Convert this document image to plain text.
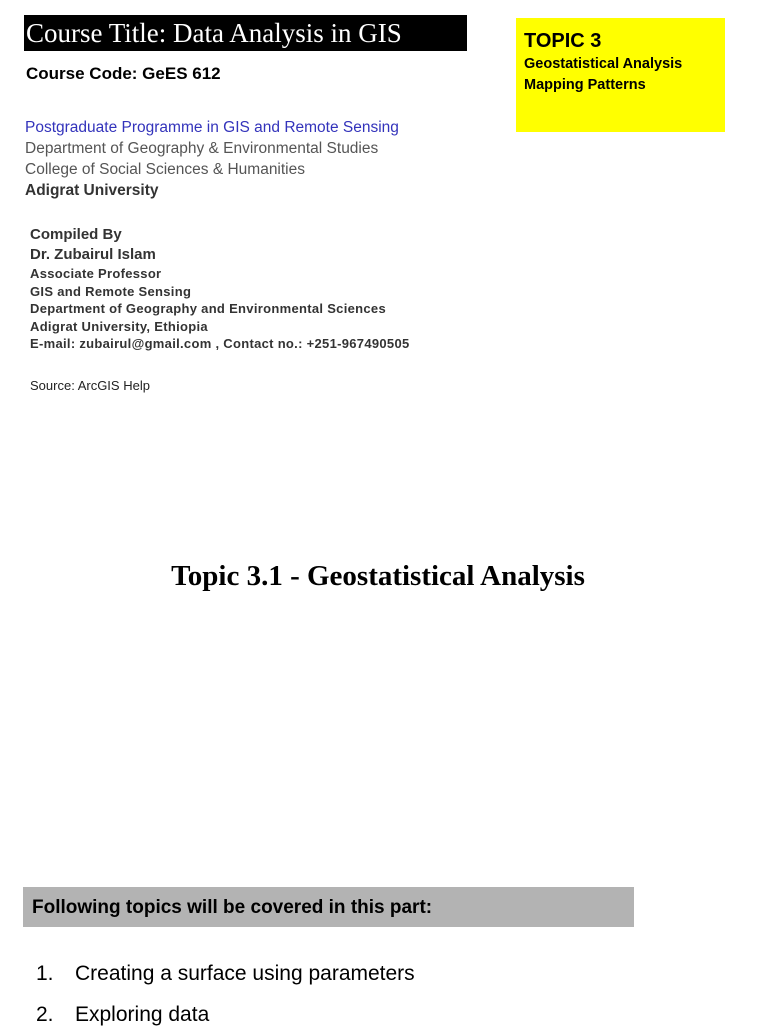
Course Title: Data Analysis in GIS
Course Code: GeES 612
Postgraduate Programme in GIS and Remote Sensing
Department of Geography & Environmental Studies
College of Social Sciences & Humanities
Adigrat University
Compiled By
Dr. Zubairul Islam
Associate Professor
GIS and Remote Sensing
Department of Geography and Environmental Sciences
Adigrat University, Ethiopia
E-mail: zubairul@gmail.com , Contact no.: +251-967490505
Source: ArcGIS Help
TOPIC 3
Geostatistical Analysis
Mapping Patterns
Topic 3.1 - Geostatistical Analysis
Following topics will be covered in this part:
1. Creating a surface using parameters
2. Exploring data
